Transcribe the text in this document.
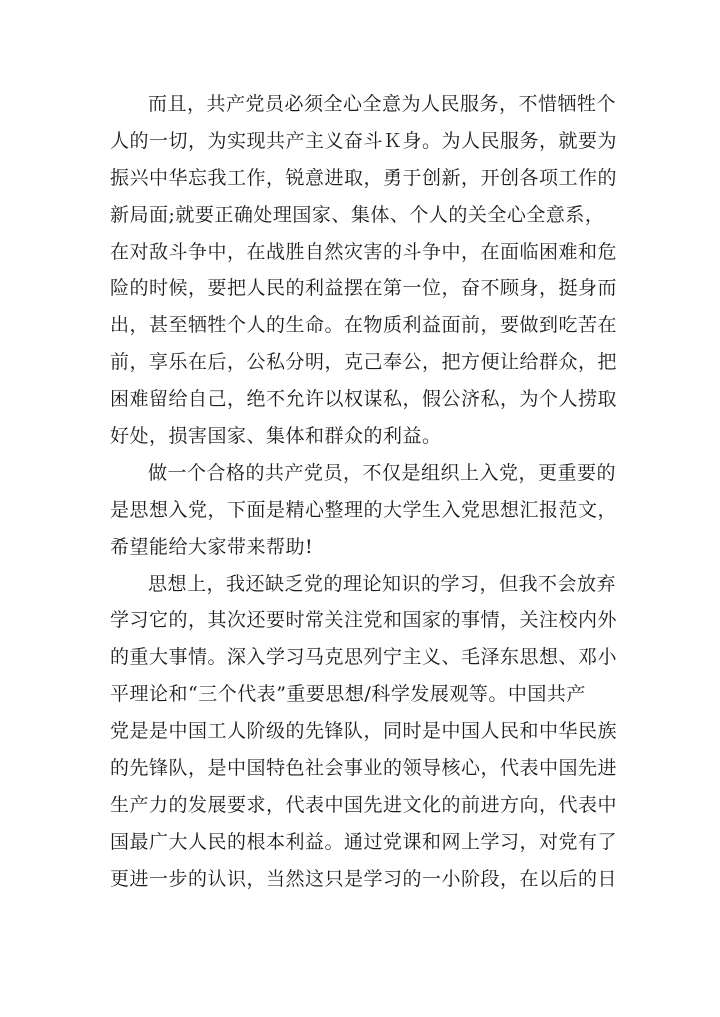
而且，共产党员必须全心全意为人民服务，不惜牺牲个
人的一切，为实现共产主义奋斗Ｋ身。为人民服务，就要为
振兴中华忘我工作，锐意进取，勇于创新，开创各项工作的
新局面;就要正确处理国家、集体、个人的关全心全意系，
在对敌斗争中，在战胜自然灾害的斗争中，在面临困难和危
险的时候，要把人民的利益摆在第一位，奋不顾身，挺身而
出，甚至牺牲个人的生命。在物质利益面前，要做到吃苦在
前，享乐在后，公私分明，克己奉公，把方便让给群众，把
困难留给自己，绝不允许以权谋私，假公济私，为个人捞取
好处，损害国家、集体和群众的利益。
做一个合格的共产党员，不仅是组织上入党，更重要的
是思想入党，下面是精心整理的大学生入党思想汇报范文，
希望能给大家带来帮助!
思想上，我还缺乏党的理论知识的学习，但我不会放弃
学习它的，其次还要时常关注党和国家的事情，关注校内外
的重大事情。深入学习马克思列宁主义、毛泽东思想、邓小
平理论和“三个代表”重要思想/科学发展观等。中国共产
党是是中国工人阶级的先锋队，同时是中国人民和中华民族
的先锋队，是中国特色社会事业的领导核心，代表中国先进
生产力的发展要求，代表中国先进文化的前进方向，代表中
国最广大人民的根本利益。通过党课和网上学习，对党有了
更进一步的认识，当然这只是学习的一小阶段，在以后的日
